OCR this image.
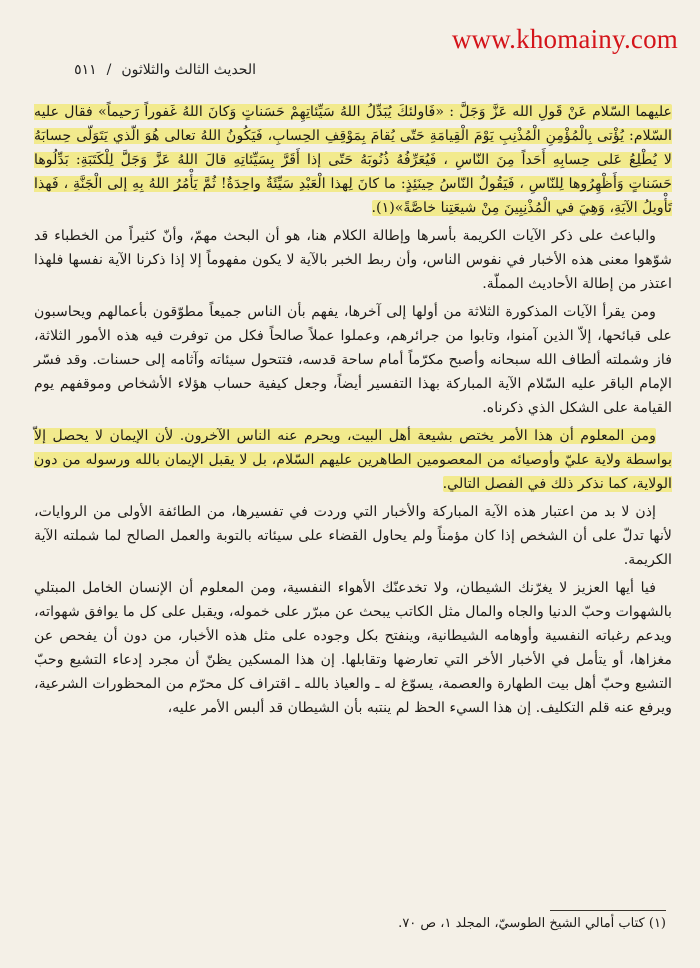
www.khomainy.com
الحديث الثالث والثلاثون
/
٥١١

عليهما السّلام عَنْ قَولِ الله عَزَّ وَجَلَّ : «فَاولئكَ يُبَدِّلُ اللهُ سَيِّئاتِهِمْ حَسَناتٍ وَكانَ اللهُ غَفوراً رَحيماً» فقال عليه السّلام: يُؤْتى بِالْمُؤْمِنِ الْمُذْنِبِ يَوْمَ الْقِيامَةِ حَتّى يُقامَ بِمَوْقِفِ الحِسابِ، فَيَكُونُ اللهُ تعالى هُوَ الّذي يَتَوَلّى حِسابَهُ لا يُطْلِعُ عَلى حِسابِهِ أَحَداً مِنَ النّاسِ ، فَيُعَرِّفُهُ ذُنُوبَهُ حَتّى إذا أَقَرَّ بِسَيِّئاتِهِ قالَ اللهُ عَزَّ وَجَلَّ لِلْكَتَبَةِ: بَدِّلُوها حَسَناتٍ وَأَظْهِرُوها لِلنّاسِ ، فَيَقُولُ النّاسُ حِينَئِذٍ: ما كانَ لِهذا الْعَبْدِ سَيِّئَةٌ واحِدَةٌ! ثُمَّ يَأْمُرُ اللهُ بِهِ إلى الْجَنَّةِ ، فَهذا تَأْويلُ الآيَةِ، وَهِيَ في الْمُذْنِبِينَ مِنْ شيعَتِنا خاصَّةً»(١).

والباعث على ذكر الآيات الكريمة بأسرها وإطالة الكلام هنا، هو أن البحث مهمّ، وأنّ كثيراً من الخطباء قد شوّهوا معنى هذه الأخبار في نفوس الناس، وأن ربط الخبر بالآية لا يكون مفهوماً إلا إذا ذكرنا الآية نفسها فلهذا اعتذر من إطالة الأحاديث المملّة.

ومن يقرأ الآيات المذكورة الثلاثة من أولها إلى آخرها، يفهم بأن الناس جميعاً مطوّقون بأعمالهم ويحاسبون على قبائحها، إلاّ الذين آمنوا، وتابوا من جرائرهم، وعملوا عملاً صالحاً فكل من توفرت فيه هذه الأمور الثلاثة، فاز وشملته ألطاف الله سبحانه وأصبح مكرّماً أمام ساحة قدسه، فتتحول سيئاته وآثامه إلى حسنات. وقد فسّر الإمام الباقر عليه السّلام الآية المباركة بهذا التفسير أيضاً، وجعل كيفية حساب هؤلاء الأشخاص وموقفهم يوم القيامة على الشكل الذي ذكرناه.

ومن المعلوم أن هذا الأمر يختص بشيعة أهل البيت، ويحرم عنه الناس الآخرون. لأن الإيمان لا يحصل إلاّ بواسطة ولاية عليّ وأوصيائه من المعصومين الطاهرين عليهم السّلام، بل لا يقبل الإيمان بالله ورسوله من دون الولاية، كما نذكر ذلك في الفصل التالي.

إذن لا بد من اعتبار هذه الآية المباركة والأخبار التي وردت في تفسيرها، من الطائفة الأولى من الروايات، لأنها تدلّ على أن الشخص إذا كان مؤمناً ولم يحاول القضاء على سيئاته بالتوبة والعمل الصالح لما شملته الآية الكريمة.

فيا أيها العزيز لا يغرّنك الشيطان، ولا تخدعنّك الأهواء النفسية، ومن المعلوم أن الإنسان الخامل المبتلي بالشهوات وحبّ الدنيا والجاه والمال مثل الكاتب يبحث عن مبرّر على خموله، ويقبل على كل ما يوافق شهواته، ويدعم رغباته النفسية وأوهامه الشيطانية، وينفتح بكل وجوده على مثل هذه الأخبار، من دون أن يفحص عن مغزاها، أو يتأمل في الأخبار الأخر التي تعارضها وتقابلها. إن هذا المسكين يظنّ أن مجرد إدعاء التشيع وحبّ التشيع وحبّ أهل بيت الطهارة والعصمة، يسوّغ له ـ والعياذ بالله ـ اقتراف كل محرّم من المحظورات الشرعية، ويرفع عنه قلم التكليف. إن هذا السيء الحظ لم ينتبه بأن الشيطان قد ألبس الأمر عليه،

(١) كتاب أمالي الشيخ الطوسيّ، المجلد ١، ص ٧٠.
